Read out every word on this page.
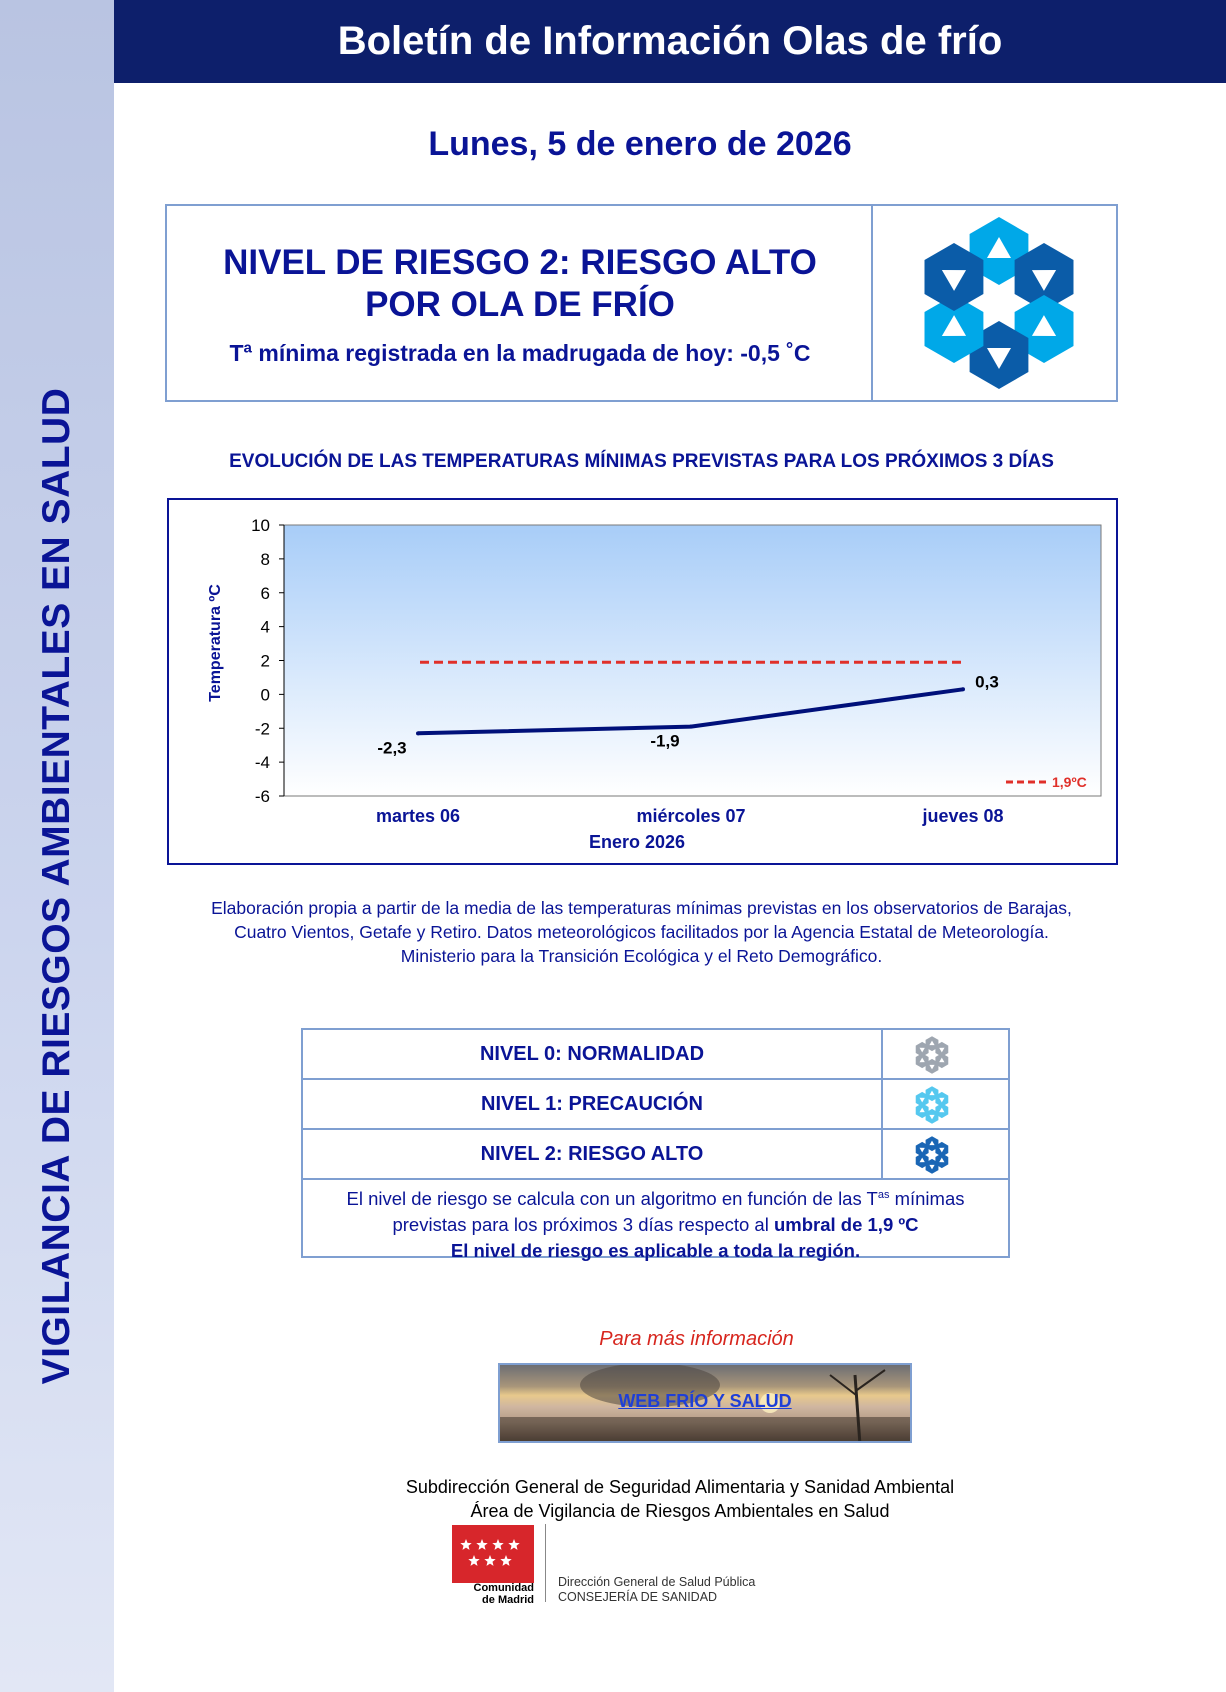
VIGILANCIA DE RIESGOS AMBIENTALES EN SALUD
Boletín de Información Olas de frío
Lunes, 5 de enero de 2026
NIVEL DE RIESGO 2: RIESGO ALTO
POR OLA DE FRÍO
Tª mínima registrada en la madrugada de hoy: -0,5 ˚C
EVOLUCIÓN DE LAS TEMPERATURAS MÍNIMAS PREVISTAS PARA LOS PRÓXIMOS 3 DÍAS
10
8
6
4
2
0
-2
-4
-6
martes 06	miércoles 07	jueves 08
Enero 2026
Temperatura ºC
-2,3	-1,9
0,3
1,9ºC
Elaboración propia a partir de la media de las temperaturas mínimas previstas en los observatorios de Barajas,
Cuatro Vientos, Getafe y Retiro. Datos meteorológicos facilitados por la Agencia Estatal de Meteorología.
Ministerio para la Transición Ecológica y el Reto Demográfico.
NIVEL 0: NORMALIDAD
NIVEL 1: PRECAUCIÓN
NIVEL 2: RIESGO ALTO
El nivel de riesgo se calcula con un algoritmo en función de las $T^{as}$ mínimas
previstas para los próximos 3 días respecto al umbral de 1,9 ºC
El nivel de riesgo es aplicable a toda la región.
Para más información
WEB FRÍO Y SALUD
Subdirección General de Seguridad Alimentaria y Sanidad Ambiental
Área de Vigilancia de Riesgos Ambientales en Salud
Comunidad
de Madrid
Dirección General de Salud Pública
CONSEJERÍA DE SANIDAD
